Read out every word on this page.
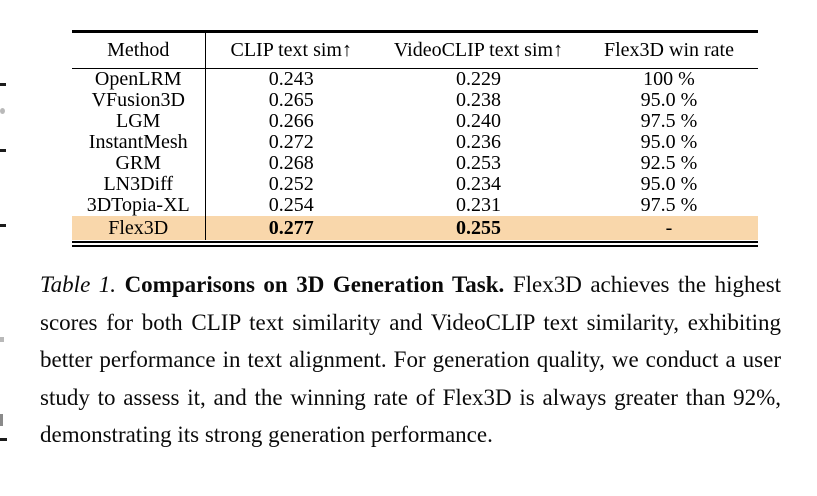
Method	CLIP text sim↑	VideoCLIP text sim↑	Flex3D win rate
OpenLRM	0.243	0.229	100 %
VFusion3D	0.265	0.238	95.0 %
LGM	0.266	0.240	97.5 %
InstantMesh	0.272	0.236	95.0 %
GRM	0.268	0.253	92.5 %
LN3Diff	0.252	0.234	95.0 %
3DTopia-XL	0.254	0.231	97.5 %
Flex3D	0.277	0.255	-
Table 1. Comparisons on 3D Generation Task. Flex3D achieves the highest scores for both CLIP text similarity and VideoCLIP text similarity, exhibiting better performance in text alignment. For generation quality, we conduct a user study to assess it, and the winning rate of Flex3D is always greater than 92%, demonstrating its strong generation performance.
